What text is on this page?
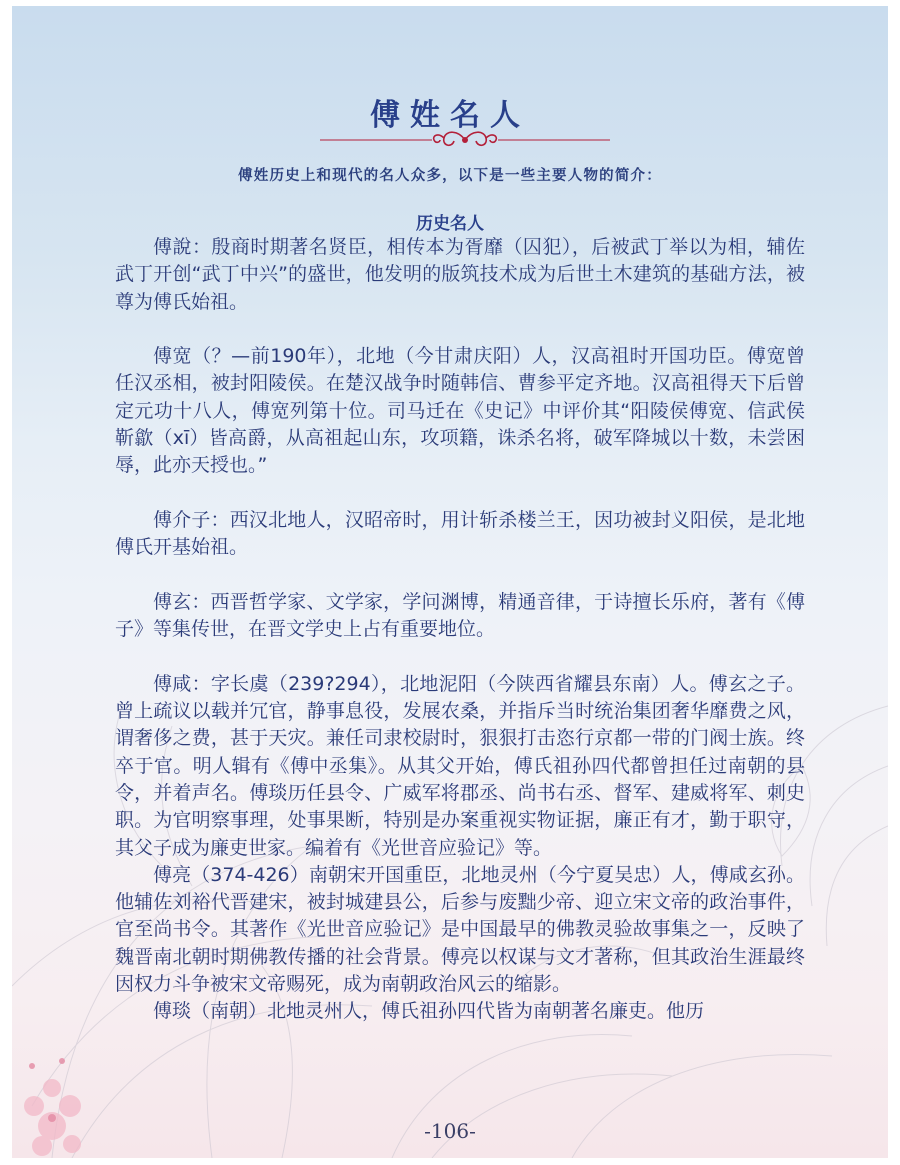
傅姓名人
傅姓历史上和现代的名人众多，以下是一些主要人物的简介：
历史名人

傅說：殷商时期著名贤臣，相传本为胥靡（囚犯），后被武丁举以为相，辅佐武丁开创“武丁中兴”的盛世，他发明的版筑技术成为后世土木建筑的基础方法，被尊为傅氏始祖。

傅宽（？—前190年），北地（今甘肃庆阳）人，汉高祖时开国功臣。傅宽曾任汉丞相，被封阳陵侯。在楚汉战争时随韩信、曹参平定齐地。汉高祖得天下后曾定元功十八人，傅宽列第十位。司马迁在《史记》中评价其“阳陵侯傅宽、信武侯靳歙（xī）皆高爵，从高祖起山东，攻项籍，诛杀名将，破军降城以十数，未尝困辱，此亦天授也。”

傅介子：西汉北地人，汉昭帝时，用计斩杀楼兰王，因功被封义阳侯，是北地傅氏开基始祖。

傅玄：西晋哲学家、文学家，学问渊博，精通音律，于诗擅长乐府，著有《傅子》等集传世，在晋文学史上占有重要地位。

傅咸：字长虞（239?294），北地泥阳（今陕西省耀县东南）人。傅玄之子。曾上疏议以载并冗官，静事息役，发展农桑，并指斥当时统治集团奢华靡费之风，谓奢侈之费，甚于天灾。兼任司隶校尉时，狠狠打击恣行京都一带的门阀士族。终卒于官。明人辑有《傅中丞集》。从其父开始，傅氏祖孙四代都曾担任过南朝的县令，并着声名。傅琰历任县令、广威军将郡丞、尚书右丞、督军、建威将军、刺史职。为官明察事理，处事果断，特别是办案重视实物证据，廉正有才，勤于职守，其父子成为廉吏世家。编着有《光世音应验记》等。

傅亮（374-426）南朝宋开国重臣，北地灵州（今宁夏吴忠）人，傅咸玄孙。他辅佐刘裕代晋建宋，被封城建县公，后参与废黜少帝、迎立宋文帝的政治事件，官至尚书令。其著作《光世音应验记》是中国最早的佛教灵验故事集之一，反映了魏晋南北朝时期佛教传播的社会背景。傅亮以权谋与文才著称，但其政治生涯最终因权力斗争被宋文帝赐死，成为南朝政治风云的缩影。

傅琰（南朝）北地灵州人，傅氏祖孙四代皆为南朝著名廉吏。他历

-106-
